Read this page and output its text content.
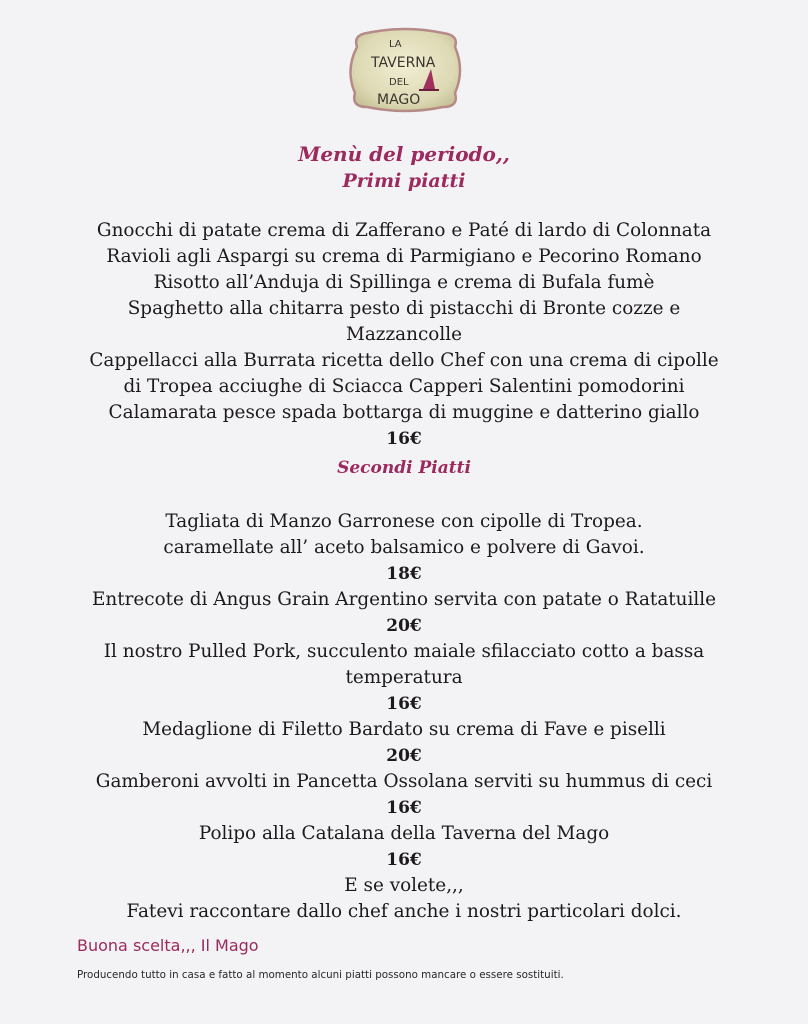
LA
TAVERNA
DEL
MAGO
Menù del periodo,,
Primi piatti
Gnocchi di patate crema di Zafferano e Paté di lardo di Colonnata
Ravioli agli Aspargi su crema di Parmigiano e Pecorino Romano
Risotto all’Anduja di Spillinga e crema di Bufala fumè
Spaghetto alla chitarra pesto di pistacchi di Bronte cozze e
Mazzancolle
Cappellacci alla Burrata ricetta dello Chef con una crema di cipolle
di Tropea acciughe di Sciacca Capperi Salentini pomodorini
Calamarata pesce spada bottarga di muggine e datterino giallo
16€
Secondi Piatti
Tagliata di Manzo Garronese con cipolle di Tropea.
caramellate all’ aceto balsamico e polvere di Gavoi.
18€
Entrecote di Angus Grain Argentino servita con patate o Ratatuille
20€
Il nostro Pulled Pork, succulento maiale sfilacciato cotto a bassa
temperatura
16€
Medaglione di Filetto Bardato su crema di Fave e piselli
20€
Gamberoni avvolti in Pancetta Ossolana serviti su hummus di ceci
16€
Polipo alla Catalana della Taverna del Mago
16€
E se volete,,,
Fatevi raccontare dallo chef anche i nostri particolari dolci.
Buona scelta,,, Il Mago
Producendo tutto in casa e fatto al momento alcuni piatti possono mancare o essere sostituiti.
